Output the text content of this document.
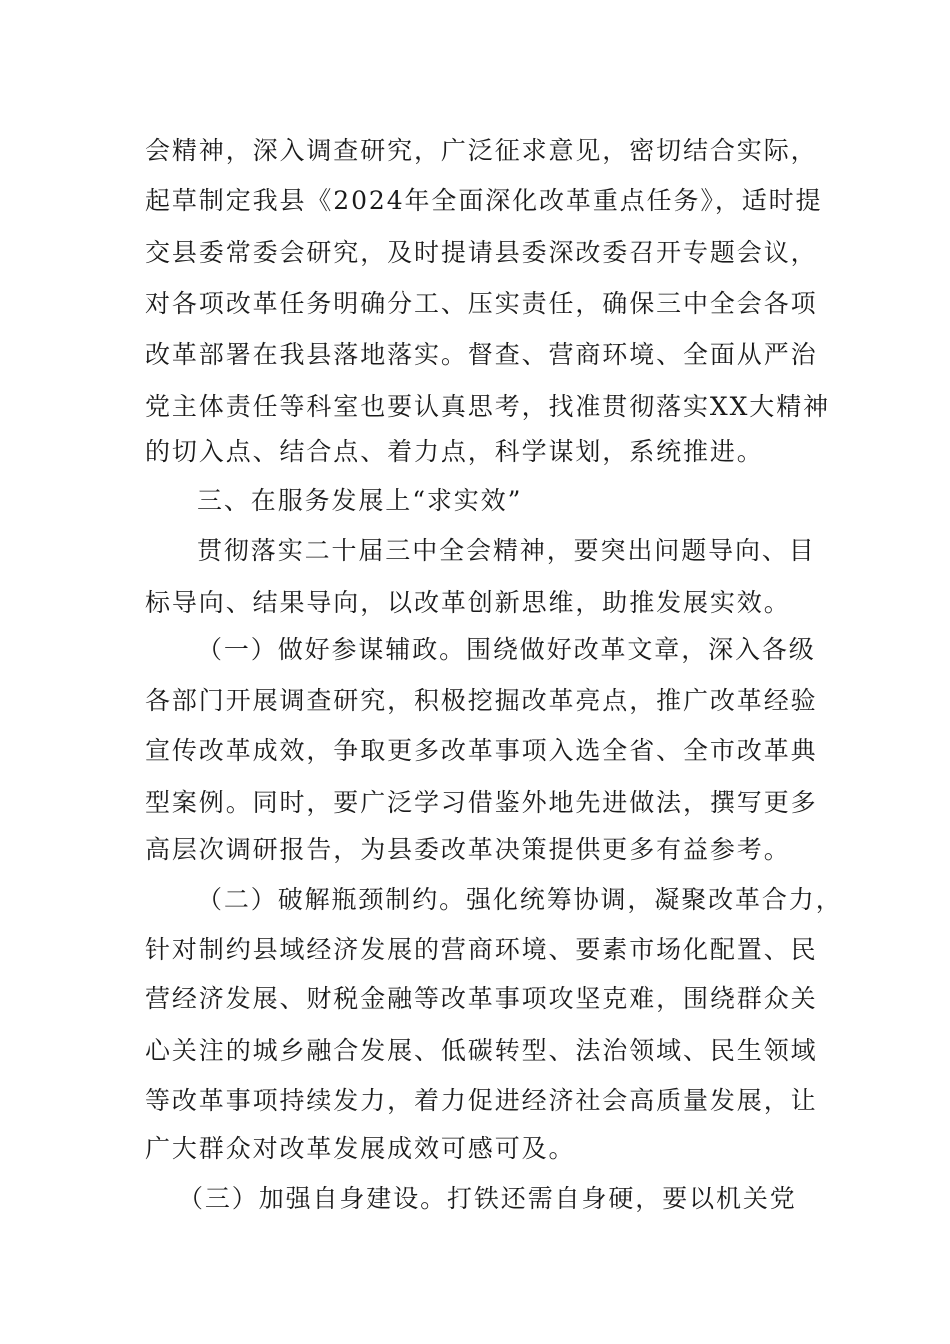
会精神，深入调查研究，广泛征求意见，密切结合实际，
起草制定我县《2024年全面深化改革重点任务》，适时提
交县委常委会研究，及时提请县委深改委召开专题会议，
对各项改革任务明确分工、压实责任，确保三中全会各项
改革部署在我县落地落实。督查、营商环境、全面从严治
党主体责任等科室也要认真思考，找准贯彻落实XX大精神
的切入点、结合点、着力点，科学谋划，系统推进。
三、在服务发展上“求实效”
贯彻落实二十届三中全会精神，要突出问题导向、目
标导向、结果导向，以改革创新思维，助推发展实效。
（一）做好参谋辅政。围绕做好改革文章，深入各级
各部门开展调查研究，积极挖掘改革亮点，推广改革经验
宣传改革成效，争取更多改革事项入选全省、全市改革典
型案例。同时，要广泛学习借鉴外地先进做法，撰写更多
高层次调研报告，为县委改革决策提供更多有益参考。
（二）破解瓶颈制约。强化统筹协调，凝聚改革合力，
针对制约县域经济发展的营商环境、要素市场化配置、民
营经济发展、财税金融等改革事项攻坚克难，围绕群众关
心关注的城乡融合发展、低碳转型、法治领域、民生领域
等改革事项持续发力，着力促进经济社会高质量发展，让
广大群众对改革发展成效可感可及。
（三）加强自身建设。打铁还需自身硬，要以机关党
